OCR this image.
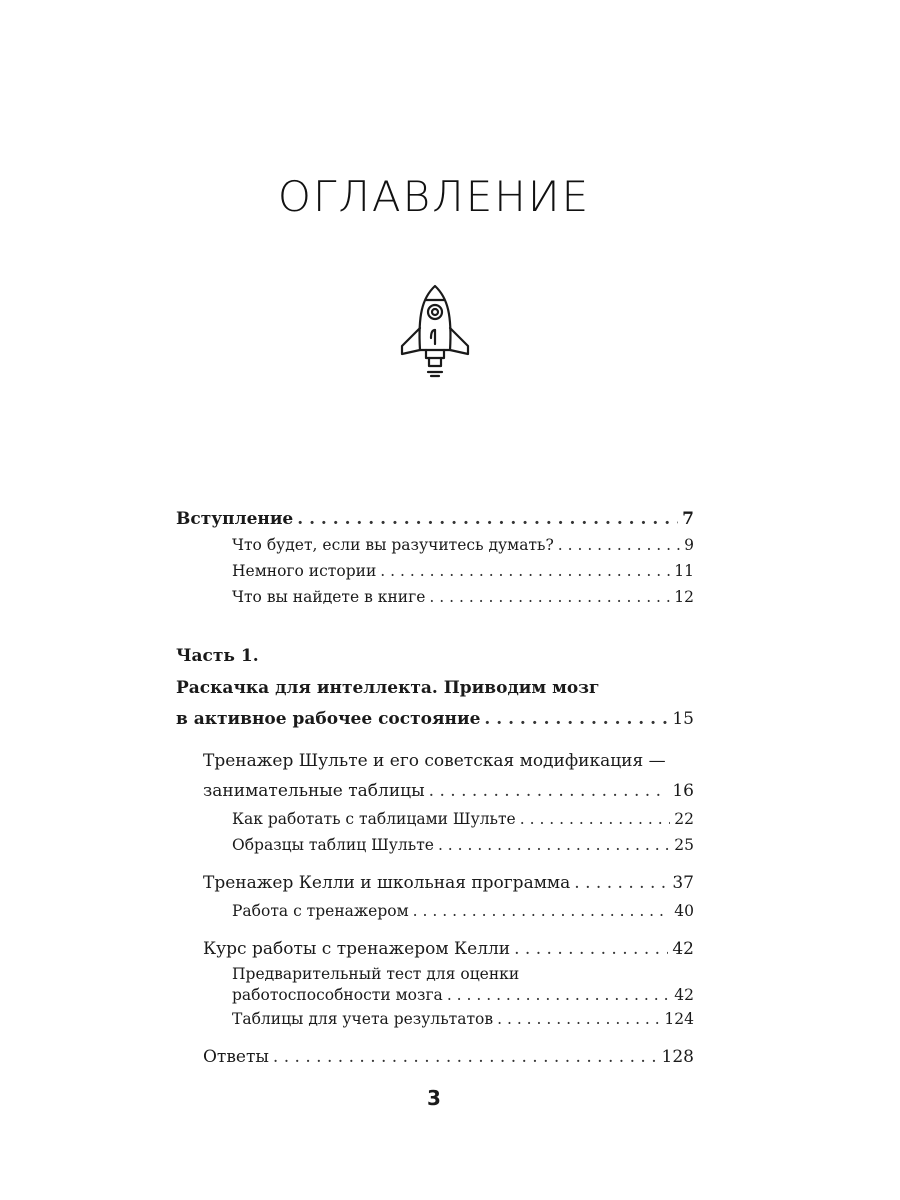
ОГЛАВЛЕНИЕ
Вступление . . .	7
Что будет, если вы разучитесь думать? . . .	9
Немного истории . . .	11
Что вы найдете в книге . . .	12
Часть 1.
Раскачка для интеллекта. Приводим мозг
в активное рабочее состояние . . .	15
Тренажер Шульте и его советская модификация —
занимательные таблицы . . .	16
Как работать с таблицами Шульте . . .	22
Образцы таблиц Шульте . . .	25
Тренажер Келли и школьная программа . . .	37
Работа с тренажером . . .	40
Курс работы с тренажером Келли . . .	42
Предварительный тест для оценки
работоспособности мозга . . .	42
Таблицы для учета результатов . . .	124
Ответы . . .	128
3
